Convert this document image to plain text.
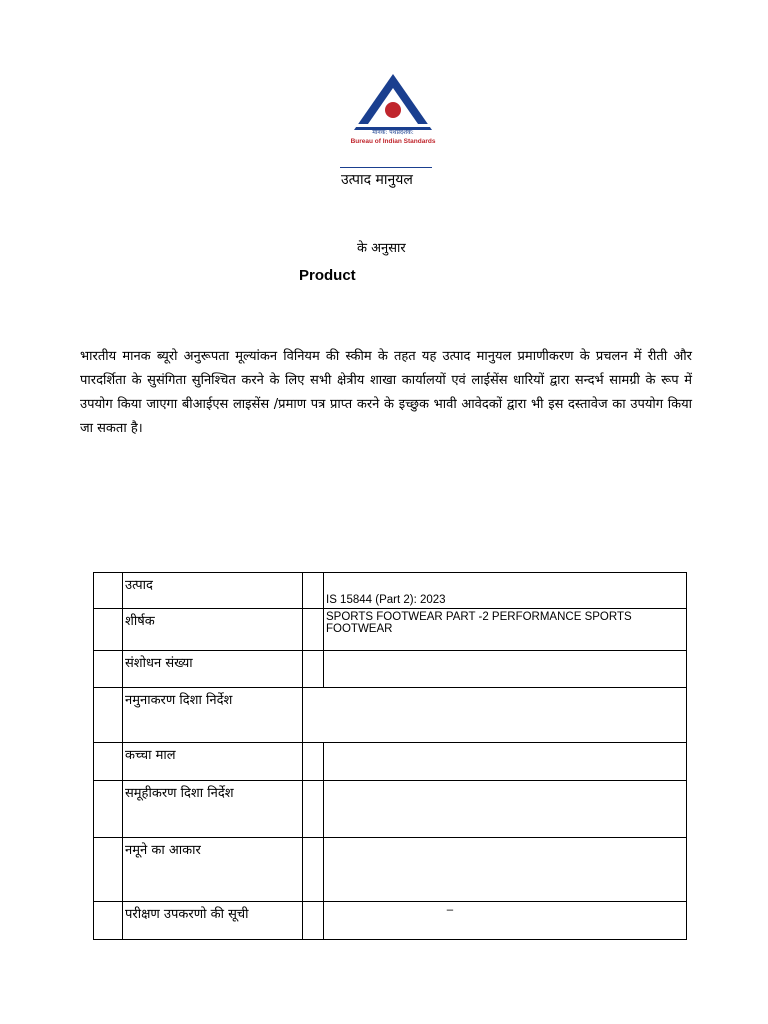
मानक: पथप्रदर्शक:
Bureau of Indian Standards
उत्पाद मानुयल
के अनुसार
Product
भारतीय मानक ब्यूरो अनुरूपता मूल्यांकन विनियम की स्कीम के तहत यह उत्पाद मानुयल प्रमाणीकरण के प्रचलन में रीती और पारदर्शिता के सुसंगिता सुनिश्चित करने के लिए सभी क्षेत्रीय शाखा कार्यालयों एवं लाईसेंस धारियों द्वारा सन्दर्भ सामग्री के रूप में उपयोग किया जाएगा बीआईएस लाइसेंस /प्रमाण पत्र प्राप्त करने के इच्छुक भावी आवेदकों द्वारा भी इस दस्तावेज का उपयोग किया जा सकता है।
	उत्पाद		IS 15844 (Part 2): 2023
	शीर्षक		SPORTS FOOTWEAR PART -2 PERFORMANCE SPORTS FOOTWEAR
	संशोधन संख्या		
	नमुनाकरण दिशा निर्देश		
	कच्चा माल		
	समूहीकरण दिशा निर्देश		
	नमूने का आकार		
	परीक्षण उपकरणो की सूची		–
